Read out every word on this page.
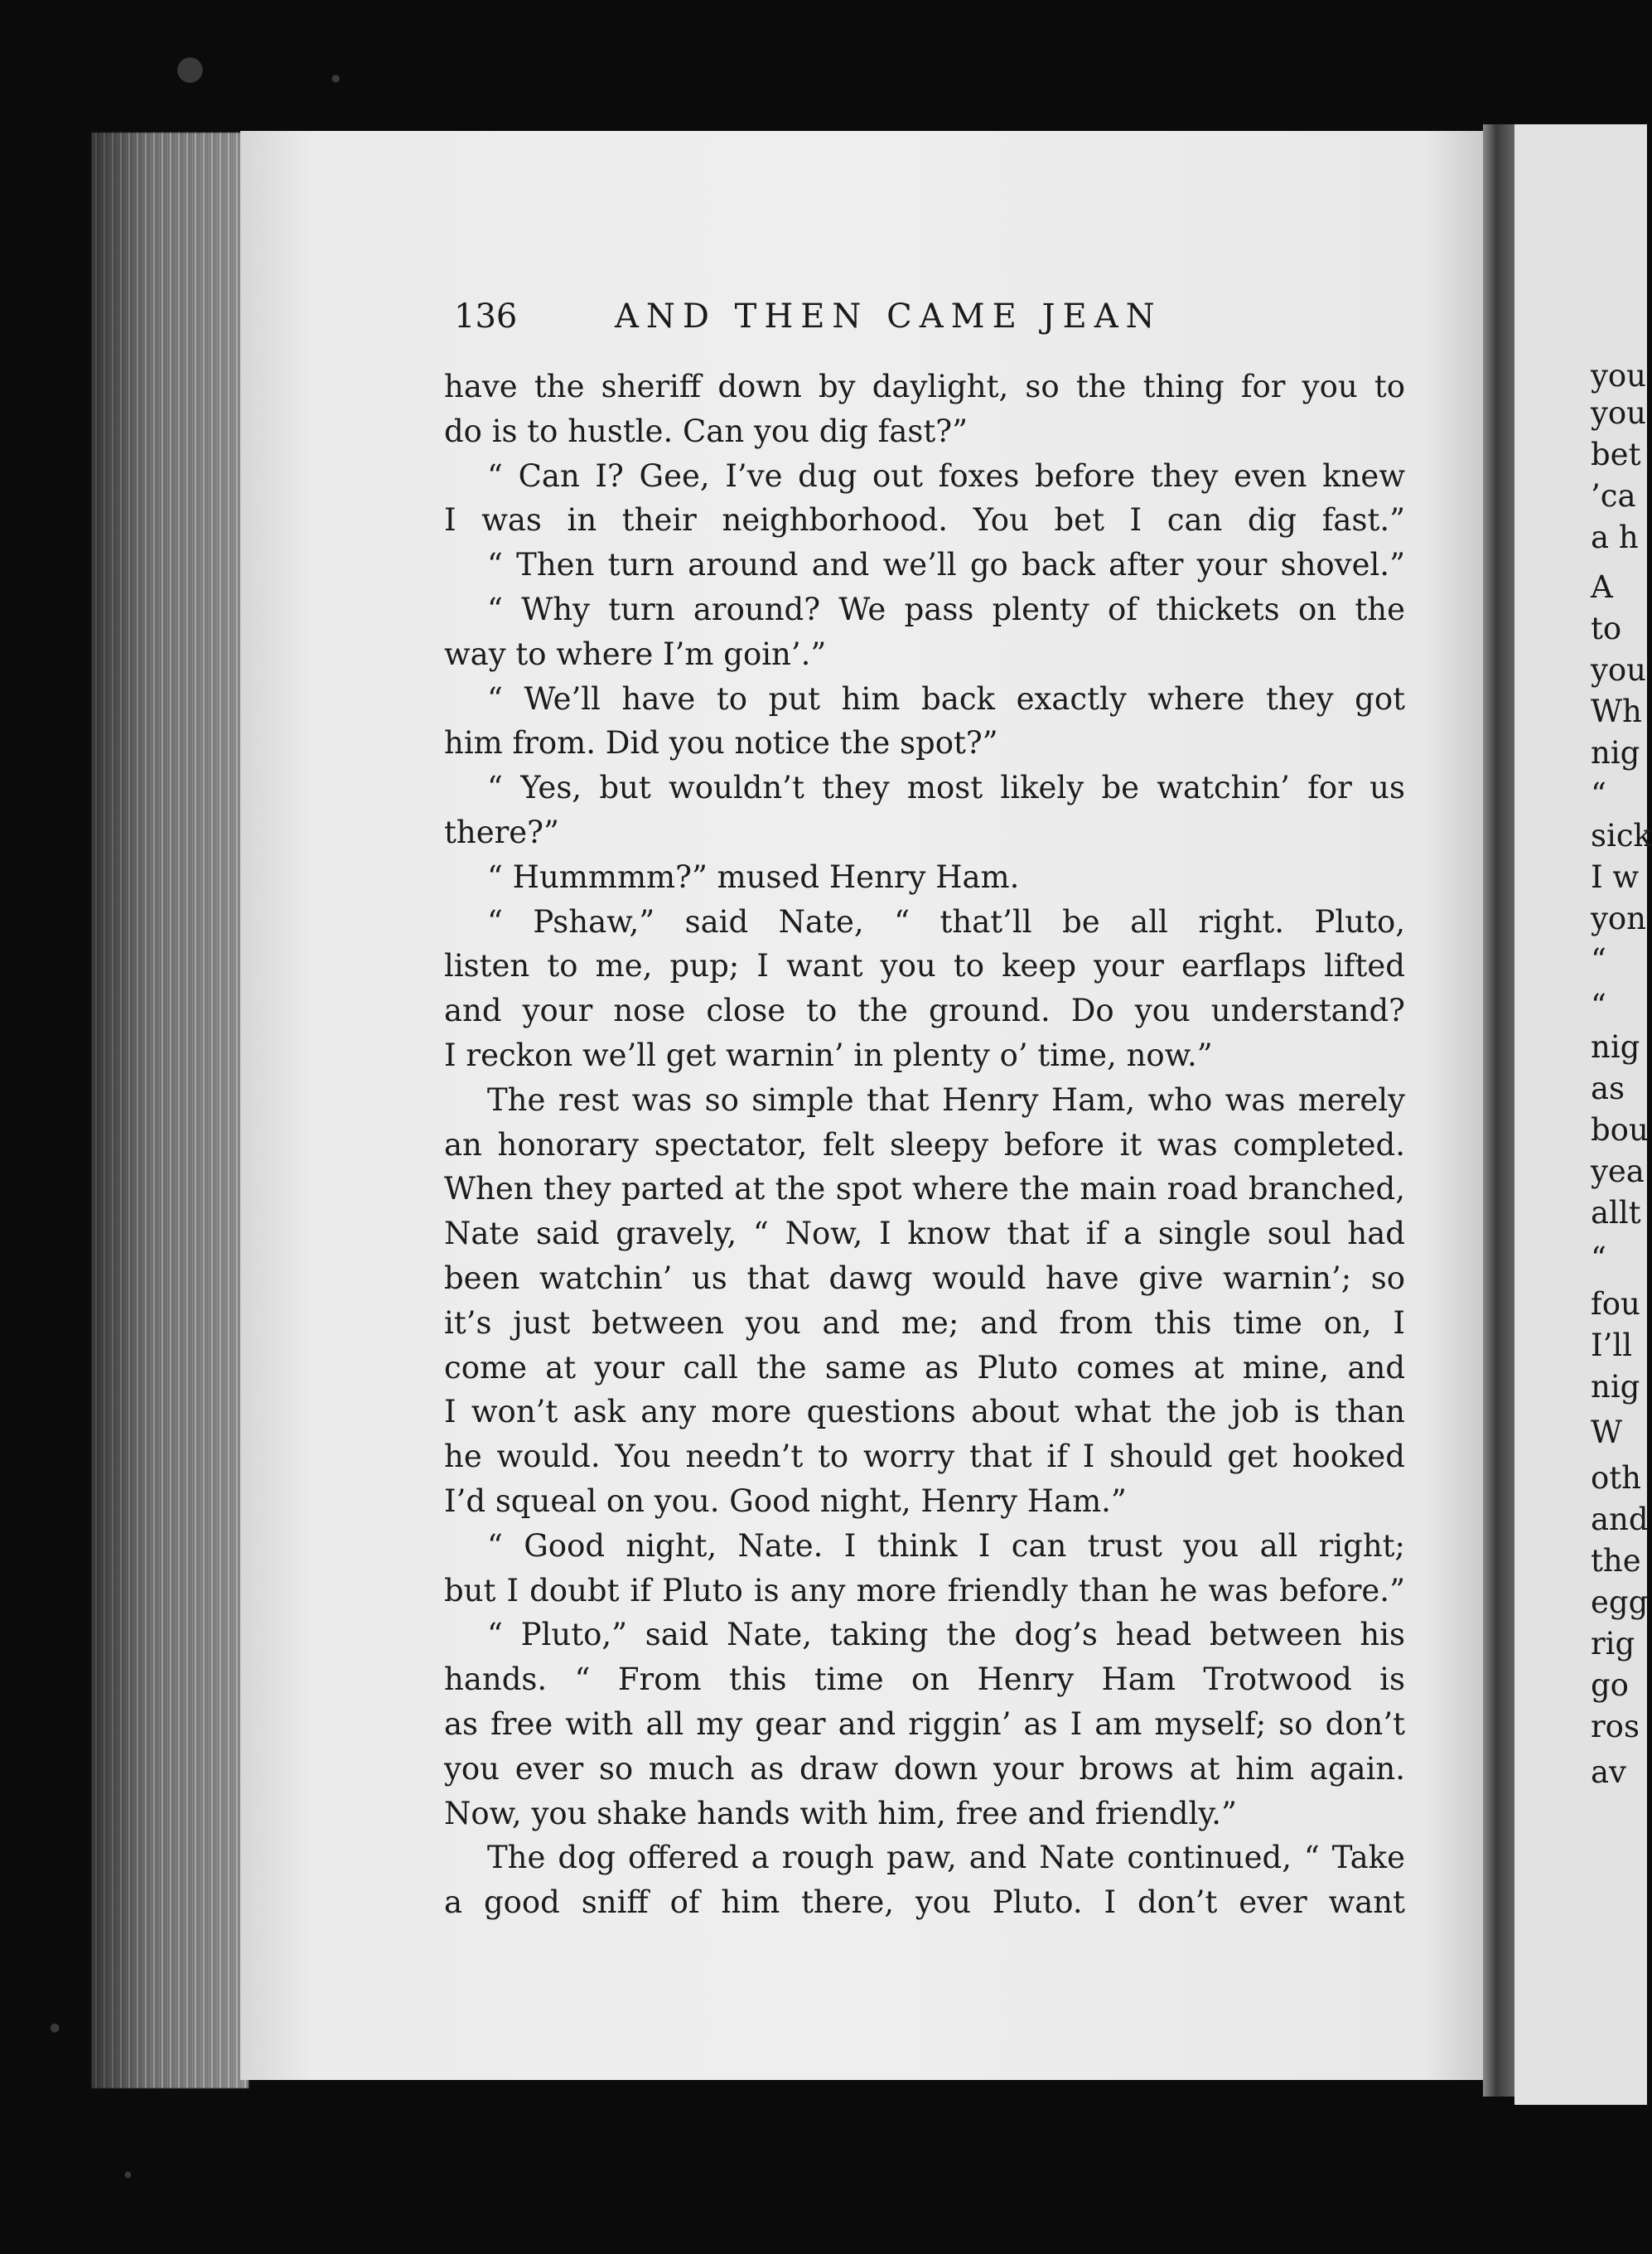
●	●
●
●
you
you
bet
’ca
a h
A
to
you
Wh
nig
“
sick
I w
yon
“
“
nig
as
bou
yea
allt
“
fou
I’ll
nig
W
oth
and
the
egg
rig
go
ros
av
136	AND THEN CAME JEAN
have the sheriff down by daylight, so the thing for you to
do is to hustle. Can you dig fast?”
“ Can I? Gee, I’ve dug out foxes before they even knew
I was in their neighborhood. You bet I can dig fast.”
“ Then turn around and we’ll go back after your shovel.”
“ Why turn around? We pass plenty of thickets on the
way to where I’m goin’.”
“ We’ll have to put him back exactly where they got
him from. Did you notice the spot?”
“ Yes, but wouldn’t they most likely be watchin’ for us
there?”
“ Hummmm?” mused Henry Ham.
“ Pshaw,” said Nate, “ that’ll be all right. Pluto,
listen to me, pup; I want you to keep your earflaps lifted
and your nose close to the ground. Do you understand?
I reckon we’ll get warnin’ in plenty o’ time, now.”
The rest was so simple that Henry Ham, who was merely
an honorary spectator, felt sleepy before it was completed.
When they parted at the spot where the main road branched,
Nate said gravely, “ Now, I know that if a single soul had
been watchin’ us that dawg would have give warnin’; so
it’s just between you and me; and from this time on, I
come at your call the same as Pluto comes at mine, and
I won’t ask any more questions about what the job is than
he would. You needn’t to worry that if I should get hooked
I’d squeal on you. Good night, Henry Ham.”
“ Good night, Nate. I think I can trust you all right;
but I doubt if Pluto is any more friendly than he was before.”
“ Pluto,” said Nate, taking the dog’s head between his
hands. “ From this time on Henry Ham Trotwood is
as free with all my gear and riggin’ as I am myself; so don’t
you ever so much as draw down your brows at him again.
Now, you shake hands with him, free and friendly.”
The dog offered a rough paw, and Nate continued, “ Take
a good sniff of him there, you Pluto. I don’t ever want
